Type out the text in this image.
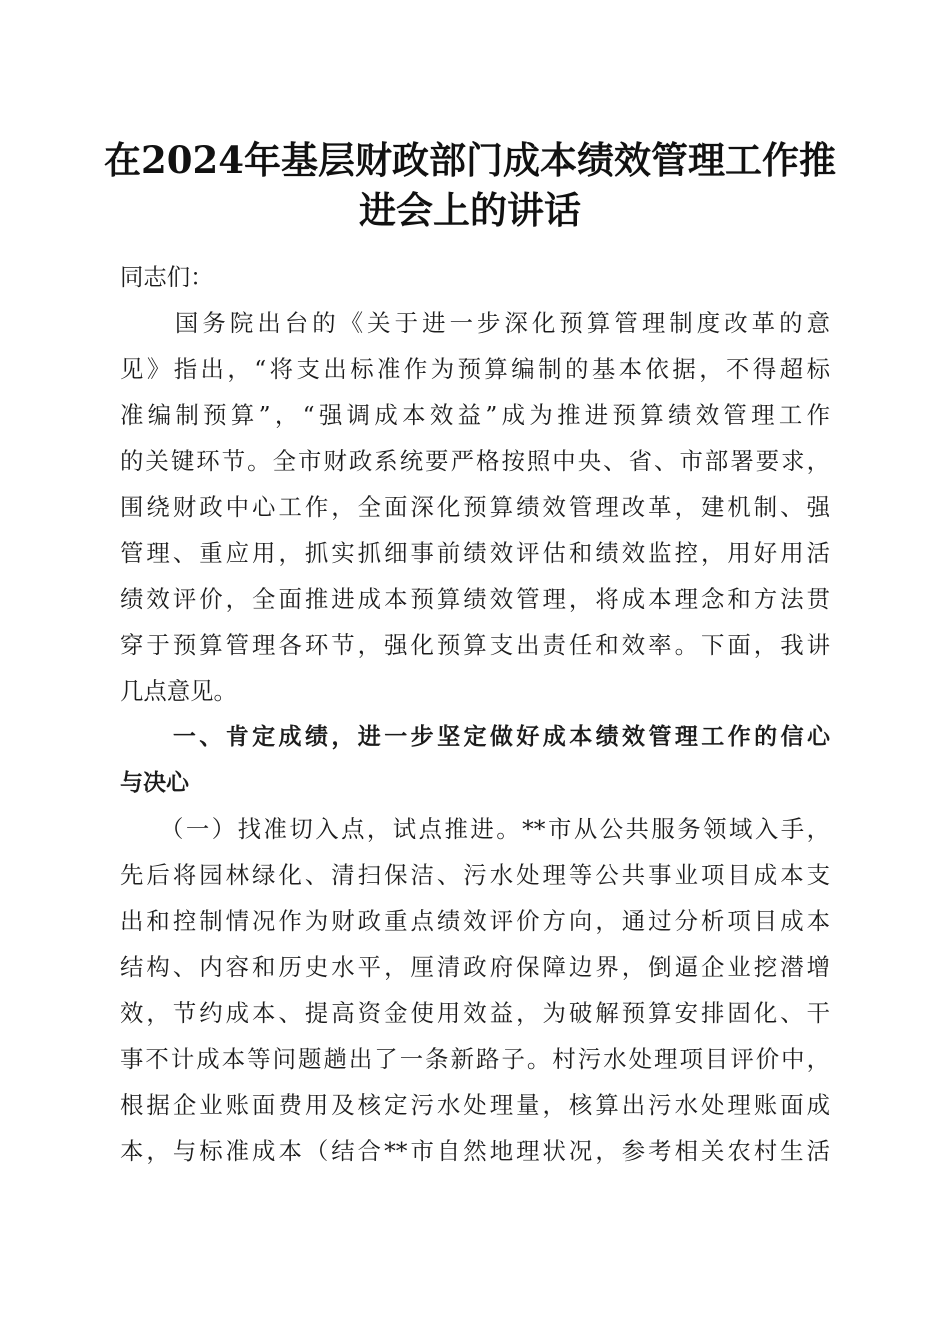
在2024年基层财政部门成本绩效管理工作推
进会上的讲话
同志们：

　　国务院出台的《关于进一步深化预算管理制度改革的意
见》指出，“将支出标准作为预算编制的基本依据，不得超标
准编制预算”，“强调成本效益”成为推进预算绩效管理工作
的关键环节。全市财政系统要严格按照中央、省、市部署要求，
围绕财政中心工作，全面深化预算绩效管理改革，建机制、强
管理、重应用，抓实抓细事前绩效评估和绩效监控，用好用活
绩效评价，全面推进成本预算绩效管理，将成本理念和方法贯
穿于预算管理各环节，强化预算支出责任和效率。下面，我讲
几点意见。

　　一、肯定成绩，进一步坚定做好成本绩效管理工作的信心
与决心

　　（一）找准切入点，试点推进。**市从公共服务领域入手，
先后将园林绿化、清扫保洁、污水处理等公共事业项目成本支
出和控制情况作为财政重点绩效评价方向，通过分析项目成本
结构、内容和历史水平，厘清政府保障边界，倒逼企业挖潜增
效，节约成本、提高资金使用效益，为破解预算安排固化、干
事不计成本等问题趟出了一条新路子。村污水处理项目评价中，
根据企业账面费用及核定污水处理量，核算出污水处理账面成
本，与标准成本（结合**市自然地理状况，参考相关农村生活
